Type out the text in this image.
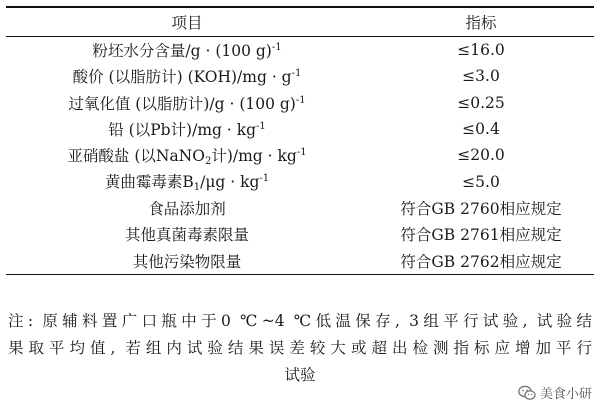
项目	指标
粉坯水分含量/g · (100 g)$^{-1}$	≤16.0
酸价 (以脂肪计) $(KOH)/mg \cdot g^{-1}$	≤3.0
过氧化值 (以脂肪计)/g · (100 g)$^{-1}$	≤0.25
铅 (以Pb计)$/mg \cdot kg^{-1}$	≤0.4
亚硝酸盐 (以NaNO$_2$计)$/mg \cdot kg^{-1}$	≤20.0
黄曲霉毒素$B_1/\mu g \cdot kg^{-1}$	≤5.0
食品添加剂	符合GB 2760相应规定
其他真菌毒素限量	符合GB 2761相应规定
其他污染物限量	符合GB 2762相应规定
注: 原辅料置广口瓶中于0 ℃~4 ℃低温保存, 3组平行试验, 试验结
果取平均值, 若组内试验结果误差较大或超出检测指标应增加平行
试验
美食小研
